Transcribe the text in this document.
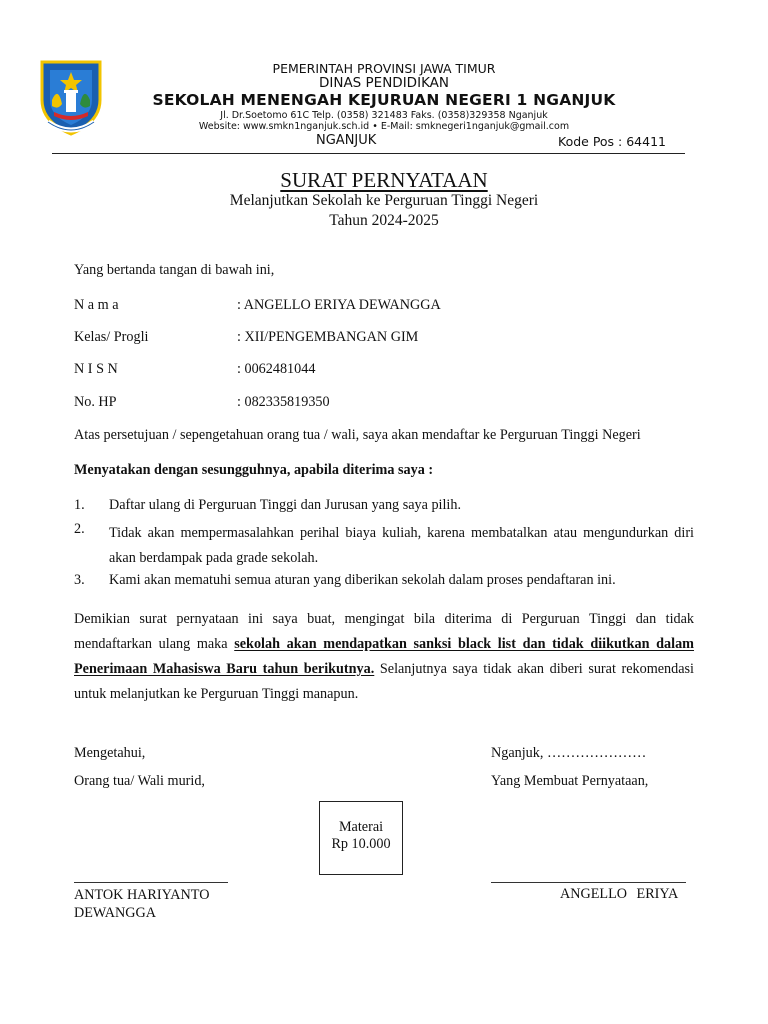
PEMERINTAH PROVINSI JAWA TIMUR
DINAS PENDIDIKAN
SEKOLAH MENENGAH KEJURUAN NEGERI 1 NGANJUK
Jl. Dr.Soetomo 61C Telp. (0358) 321483 Faks. (0358)329358 Nganjuk
Website: www.smkn1nganjuk.sch.id • E-Mail: smknegeri1nganjuk@gmail.com
NGANJUK	Kode Pos : 64411
SURAT PERNYATAAN
Melanjutkan Sekolah ke Perguruan Tinggi Negeri
Tahun 2024-2025
Yang bertanda tangan di bawah ini,
N a m a	: ANGELLO ERIYA DEWANGGA
Kelas/ Progli	: XII/PENGEMBANGAN GIM
N I S N	: 0062481044
No. HP	: 082335819350
Atas persetujuan / sepengetahuan orang tua / wali, saya akan mendaftar ke Perguruan Tinggi Negeri
Menyatakan dengan sesungguhnya, apabila diterima saya :
1. Daftar ulang di Perguruan Tinggi dan Jurusan yang saya pilih.
2. Tidak akan mempermasalahkan perihal biaya kuliah, karena membatalkan atau mengundurkan diri akan berdampak pada grade sekolah.
3. Kami akan mematuhi semua aturan yang diberikan sekolah dalam proses pendaftaran ini.
Demikian surat pernyataan ini saya buat, mengingat bila diterima di Perguruan Tinggi dan tidak mendaftarkan ulang maka sekolah akan mendapatkan sanksi black list dan tidak diikutkan dalam Penerimaan Mahasiswa Baru tahun berikutnya. Selanjutnya saya tidak akan diberi surat rekomendasi untuk melanjutkan ke Perguruan Tinggi manapun.
Mengetahui,
Orang tua/ Wali murid,
Nganjuk, …………………
Yang Membuat Pernyataan,
Materai
Rp 10.000
ANTOK HARIYANTO DEWANGGA
ANGELLO ERIYA
